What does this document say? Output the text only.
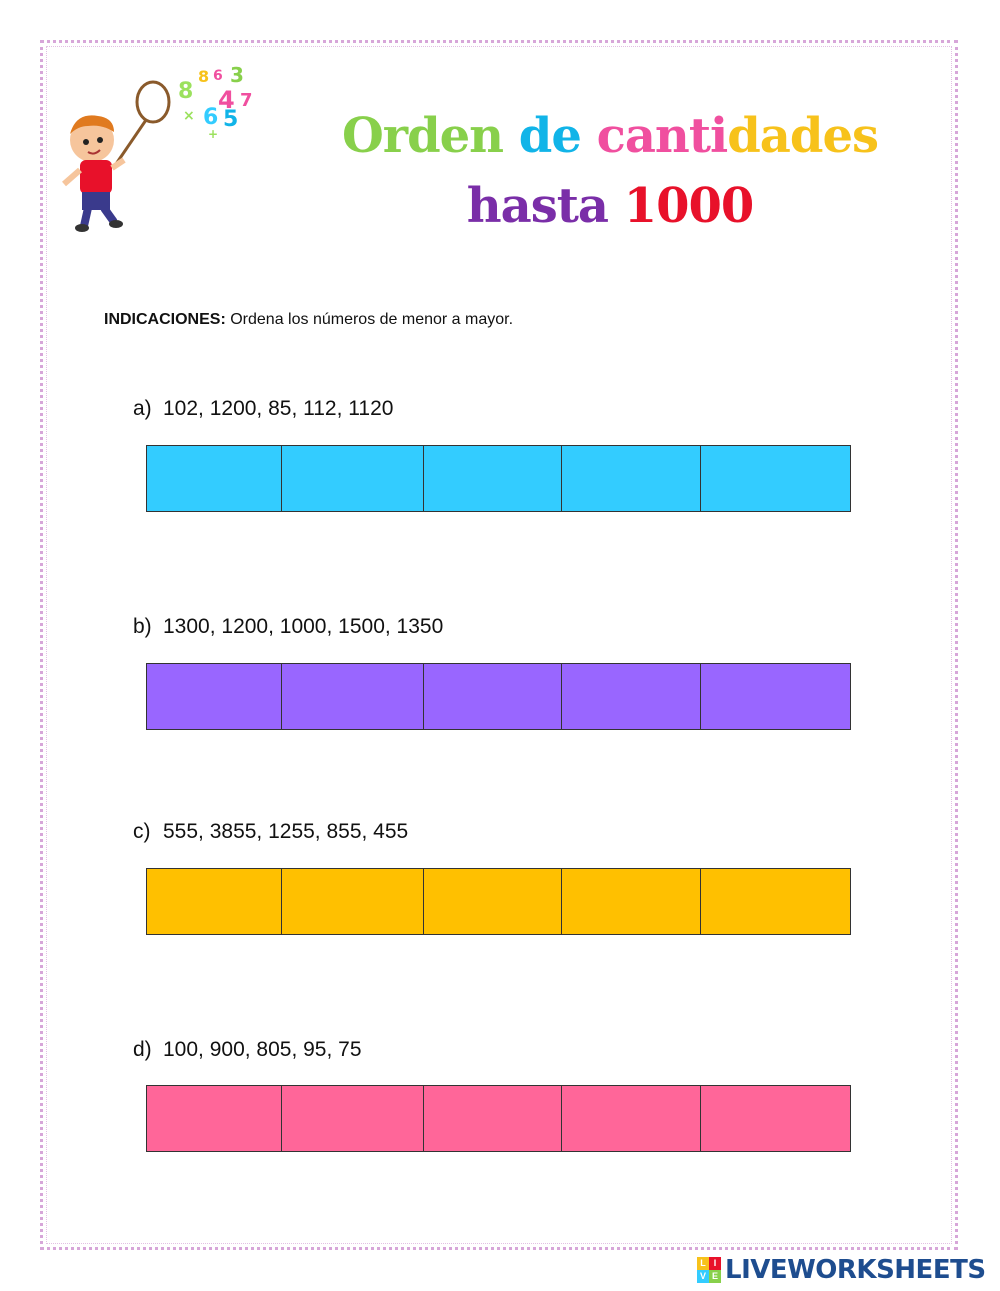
8
8 6 3
4 7
6 5
×
+	Orden de cantidades
hasta 1000
INDICACIONES: Ordena los números de menor a mayor.
a) 102, 1200, 85, 112, 1120
b) 1300, 1200, 1000, 1500, 1350
c) 555, 3855, 1255, 855, 455
d) 100, 900, 805, 95, 75
L I
V E LIVEWORKSHEETS
